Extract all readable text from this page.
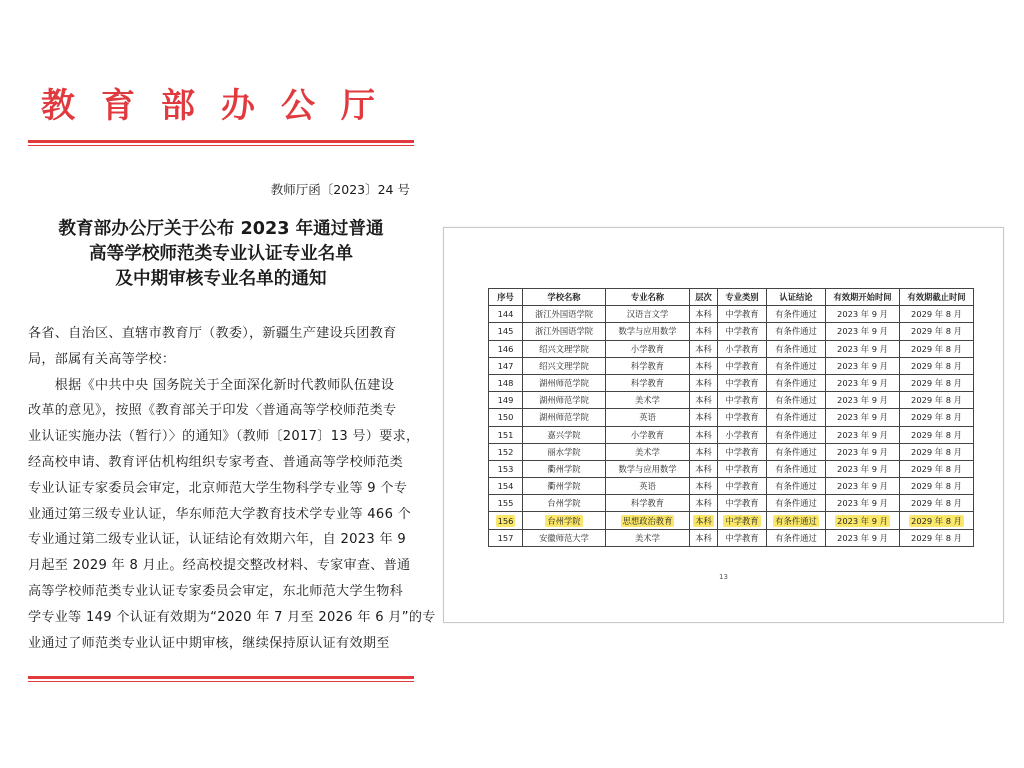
教育部办公厅
教师厅函〔2023〕24 号
教育部办公厅关于公布 2023 年通过普通
高等学校师范类专业认证专业名单
及中期审核专业名单的通知
各省、自治区、直辖市教育厅（教委），新疆生产建设兵团教育
局，部属有关高等学校：
　　根据《中共中央 国务院关于全面深化新时代教师队伍建设
改革的意见》，按照《教育部关于印发〈普通高等学校师范类专
业认证实施办法（暂行）〉的通知》（教师〔2017〕13 号）要求，
经高校申请、教育评估机构组织专家考查、普通高等学校师范类
专业认证专家委员会审定，北京师范大学生物科学专业等 9 个专
业通过第三级专业认证，华东师范大学教育技术学专业等 466 个
专业通过第二级专业认证，认证结论有效期六年，自 2023 年 9
月起至 2029 年 8 月止。经高校提交整改材料、专家审查、普通
高等学校师范类专业认证专家委员会审定，东北师范大学生物科
学专业等 149 个认证有效期为“2020 年 7 月至 2026 年 6 月”的专
业通过了师范类专业认证中期审核，继续保持原认证有效期至
序号	学校名称	专业名称	层次	专业类别	认证结论	有效期开始时间	有效期截止时间
144	浙江外国语学院	汉语言文学	本科	中学教育	有条件通过	2023 年 9 月	2029 年 8 月
145	浙江外国语学院	数学与应用数学	本科	中学教育	有条件通过	2023 年 9 月	2029 年 8 月
146	绍兴文理学院	小学教育	本科	小学教育	有条件通过	2023 年 9 月	2029 年 8 月
147	绍兴文理学院	科学教育	本科	中学教育	有条件通过	2023 年 9 月	2029 年 8 月
148	湖州师范学院	科学教育	本科	中学教育	有条件通过	2023 年 9 月	2029 年 8 月
149	湖州师范学院	美术学	本科	中学教育	有条件通过	2023 年 9 月	2029 年 8 月
150	湖州师范学院	英语	本科	中学教育	有条件通过	2023 年 9 月	2029 年 8 月
151	嘉兴学院	小学教育	本科	小学教育	有条件通过	2023 年 9 月	2029 年 8 月
152	丽水学院	美术学	本科	中学教育	有条件通过	2023 年 9 月	2029 年 8 月
153	衢州学院	数学与应用数学	本科	中学教育	有条件通过	2023 年 9 月	2029 年 8 月
154	衢州学院	英语	本科	中学教育	有条件通过	2023 年 9 月	2029 年 8 月
155	台州学院	科学教育	本科	中学教育	有条件通过	2023 年 9 月	2029 年 8 月
156	台州学院	思想政治教育	本科	中学教育	有条件通过	2023 年 9 月	2029 年 8 月
157	安徽师范大学	美术学	本科	中学教育	有条件通过	2023 年 9 月	2029 年 8 月
13
